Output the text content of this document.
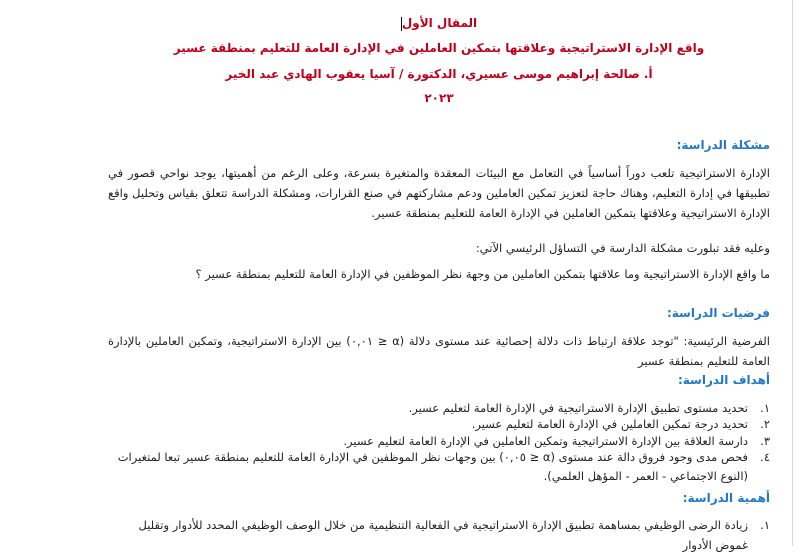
المقال الأول
واقع الإدارة الاستراتيجية وعلاقتها بتمكين العاملين في الإدارة العامة للتعليم بمنطقة عسير
أ. صالحة إبراهيم موسى عسيري، الدكتورة / آسيا يعقوب الهادي عبد الخير
٢٠٢٣
مشكلة الدراسة:
الإدارة الاستراتيجية تلعب دوراً أساسياً في التعامل مع البيئات المعقدة والمتغيرة بسرعة، وعلى الرغم من أهميتها، يوجد نواحي قصور في تطبيقها في إدارة التعليم، وهناك حاجة لتعزيز تمكين العاملين ودعم مشاركتهم في صنع القرارات، ومشكلة الدراسة تتعلق بقياس وتحليل واقع الإدارة الاستراتيجية وعلاقتها بتمكين العاملين في الإدارة العامة للتعليم بمنطقة عسير.
وعليه فقد تبلورت مشكلة الدارسة في التساؤل الرئيسي الآتي:
ما واقع الإدارة الاستراتيجية وما علاقتها بتمكين العاملين من وجهة نظر الموظفين في الإدارة العامة للتعليم بمنطقة عسير ؟
فرضيات الدراسة:
الفرضية الرئيسية: "توجد علاقة ارتباط ذات دلالة إحصائية عند مستوى دلالة (α ≤ ٠,٠١) بين الإدارة الاستراتيجية، وتمكين العاملين بالإدارة العامة للتعليم بمنطقة عسير
أهداف الدراسة:
١.
تحديد مستوى تطبيق الإدارة الاستراتيجية في الإدارة العامة لتعليم عسير.
٢.
تحديد درجة تمكين العاملين في الإدارة العامة لتعليم عسير.
٣.
دارسة العلاقة بين الإدارة الاستراتيجية وتمكين العاملين في الإدارة العامة لتعليم عسير.
٤.
فحص مدى وجود فروق دالة عند مستوى (α ≤ ٠,٠٥) بين وجهات نظر الموظفين في الإدارة العامة للتعليم بمنطقة عسير تبعا لمتغيرات (النوع الاجتماعي - العمر - المؤهل العلمي).
أهمية الدراسة:
١.
زيادة الرضى الوظيفي بمساهمة تطبيق الإدارة الاستراتيجية في الفعالية التنظيمية من خلال الوصف الوظيفي المحدد للأدوار وتقليل غموض الأدوار
